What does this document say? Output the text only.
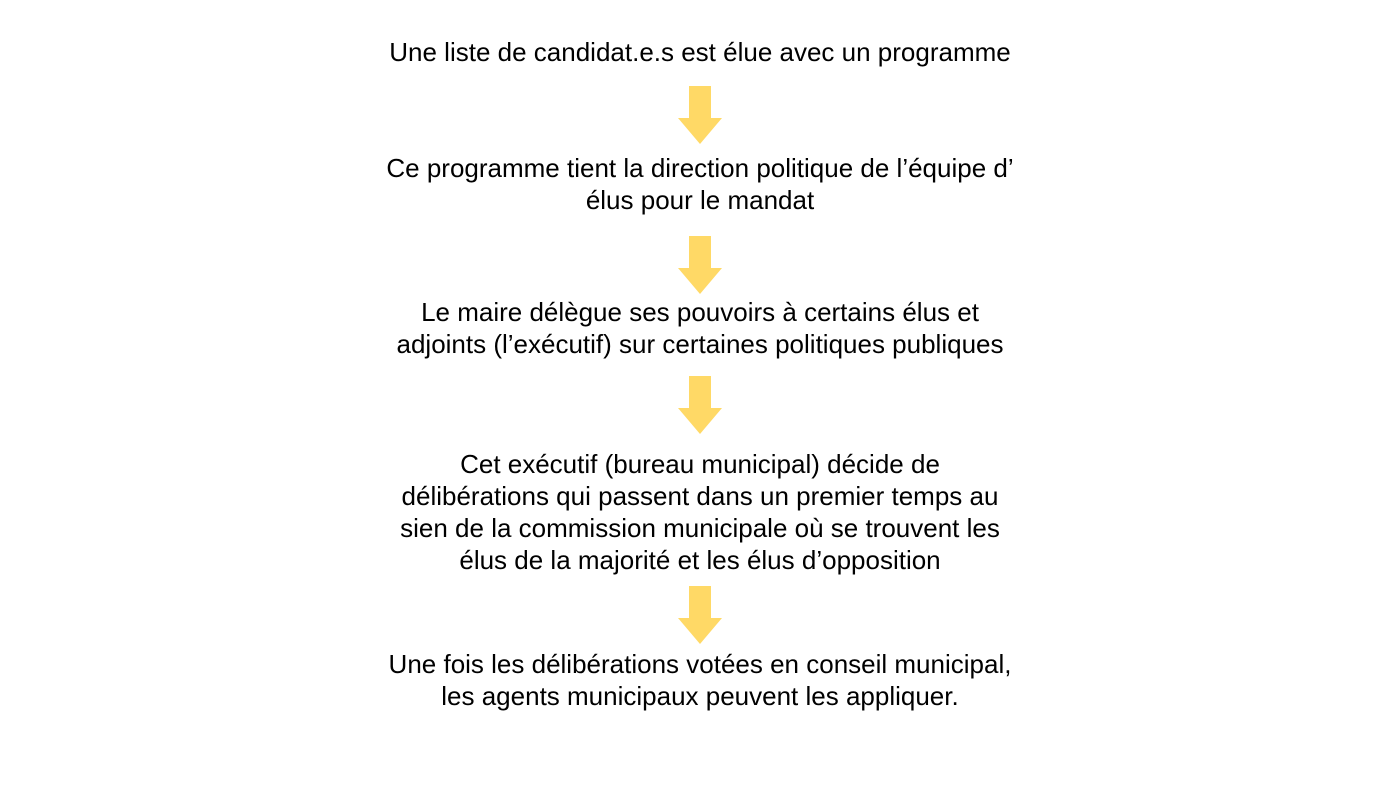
Une liste de candidat.e.s est élue avec un programme

Ce programme tient la direction politique de l’équipe d’
élus pour le mandat

Le maire délègue ses pouvoirs à certains élus et
adjoints (l’exécutif) sur certaines politiques publiques

Cet exécutif (bureau municipal) décide de
délibérations qui passent dans un premier temps au
sien de la commission municipale où se trouvent les
élus de la majorité et les élus d’opposition

Une fois les délibérations votées en conseil municipal,
les agents municipaux peuvent les appliquer.
